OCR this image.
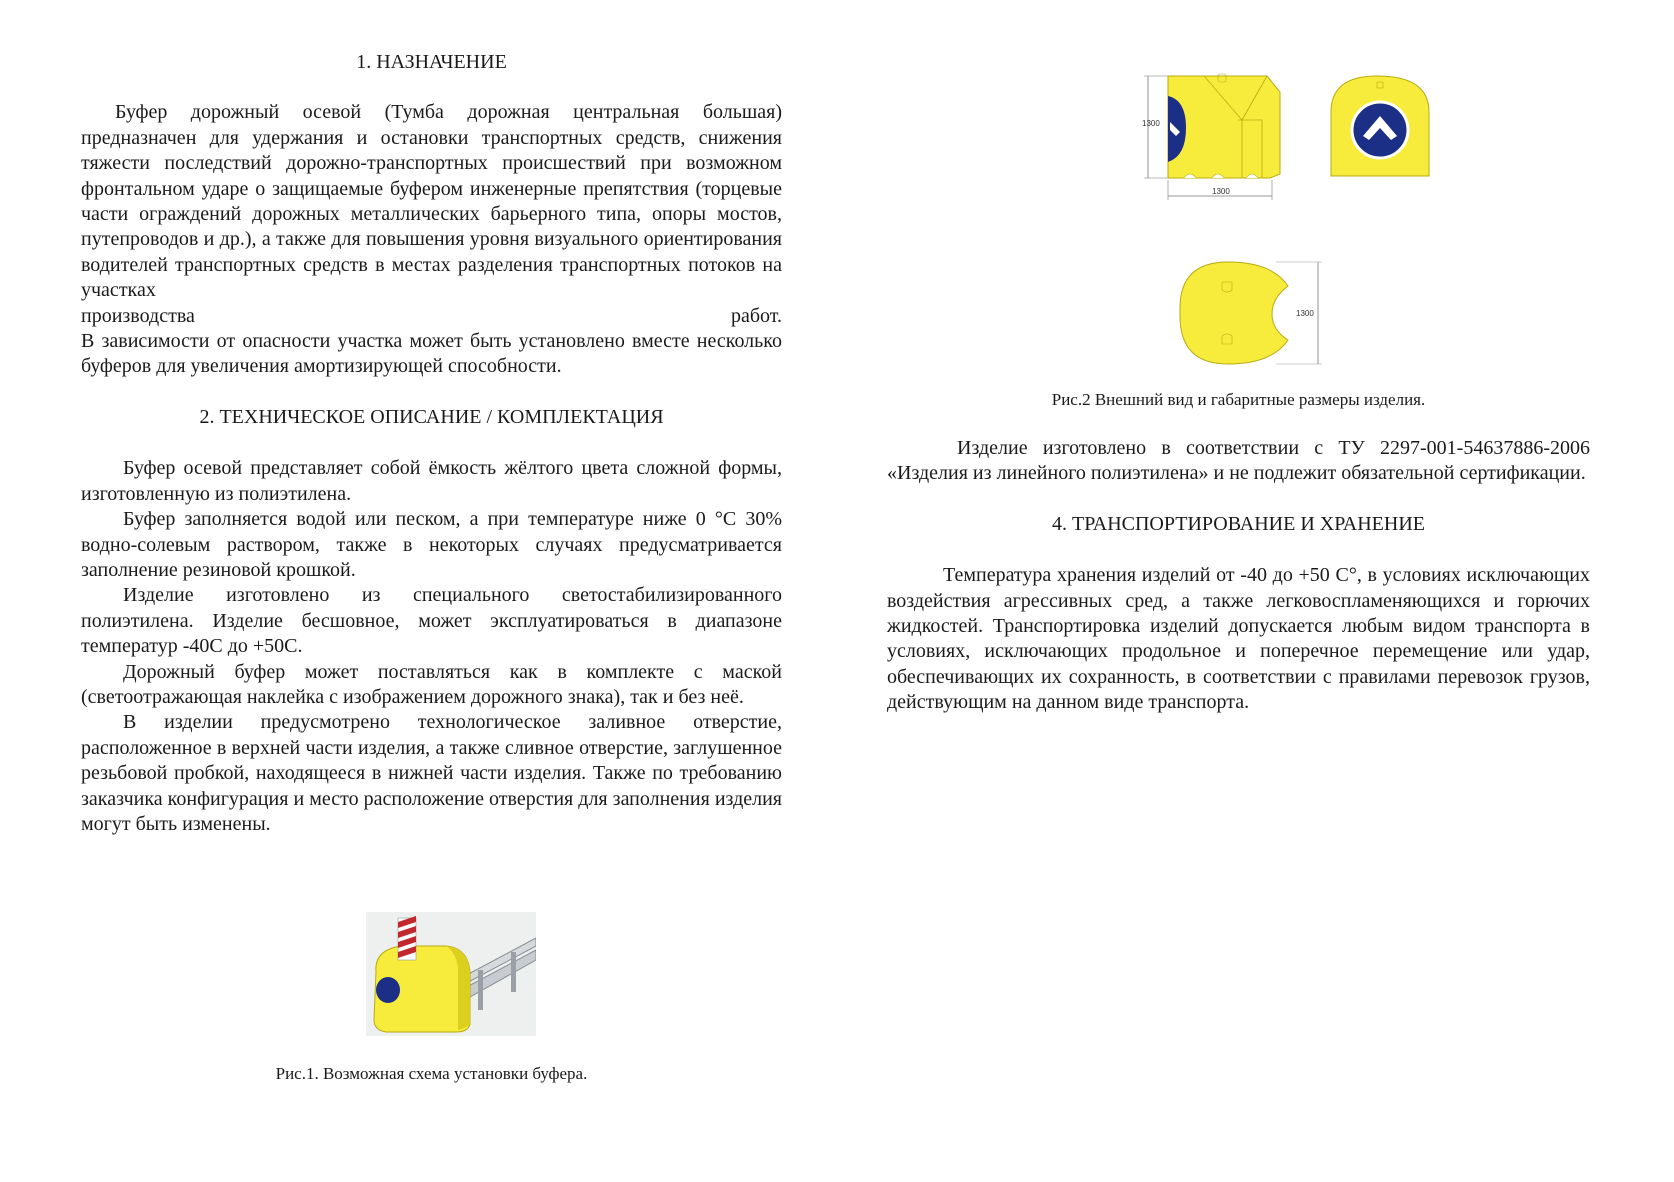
1. НАЗНАЧЕНИЕ

Буфер дорожный осевой (Тумба дорожная центральная большая) предназначен для удержания и остановки транспортных средств, снижения тяжести последствий дорожно-транспортных происшествий при возможном фронтальном ударе о защищаемые буфером инженерные препятствия (торцевые части ограждений дорожных металлических барьерного типа, опоры мостов, путепроводов и др.), а также для повышения уровня визуального ориентирования водителей транспортных средств в местах разделения транспортных потоков на участках

производства	работ.

В зависимости от опасности участка может быть установлено вместе несколько буферов для увеличения амортизирующей способности.

2. ТЕХНИЧЕСКОЕ ОПИСАНИЕ / КОМПЛЕКТАЦИЯ

Буфер осевой представляет собой ёмкость жёлтого цвета сложной формы, изготовленную из полиэтилена.

Буфер заполняется водой или песком, а при температуре ниже 0 °С 30% водно-солевым раствором, также в некоторых случаях предусматривается заполнение резиновой крошкой.

Изделие изготовлено из специального светостабилизированного полиэтилена. Изделие бесшовное, может эксплуатироваться в диапазоне температур -40С до +50С.

Дорожный буфер может поставляться как в комплекте с маской (светоотражающая наклейка с изображением дорожного знака), так и без неё.

В изделии предусмотрено технологическое заливное отверстие, расположенное в верхней части изделия, а также сливное отверстие, заглушенное резьбовой пробкой, находящееся в нижней части изделия. Также по требованию заказчика конфигурация и место расположение отверстия для заполнения изделия могут быть изменены.

Рис.1. Возможная схема установки буфера.
1300
1300
1300
Рис.2 Внешний вид и габаритные размеры изделия.

Изделие изготовлено в соответствии с ТУ 2297-001-54637886-2006 «Изделия из линейного полиэтилена» и не подлежит обязательной сертификации.

4. ТРАНСПОРТИРОВАНИЕ И ХРАНЕНИЕ

Температура хранения изделий от -40 до +50 С°, в условиях исключающих воздействия агрессивных сред, а также легковоспламеняющихся и горючих жидкостей. Транспортировка изделий допускается любым видом транспорта в условиях, исключающих продольное и поперечное перемещение или удар, обеспечивающих их сохранность, в соответствии с правилами перевозок грузов, действующим на данном виде транспорта.
